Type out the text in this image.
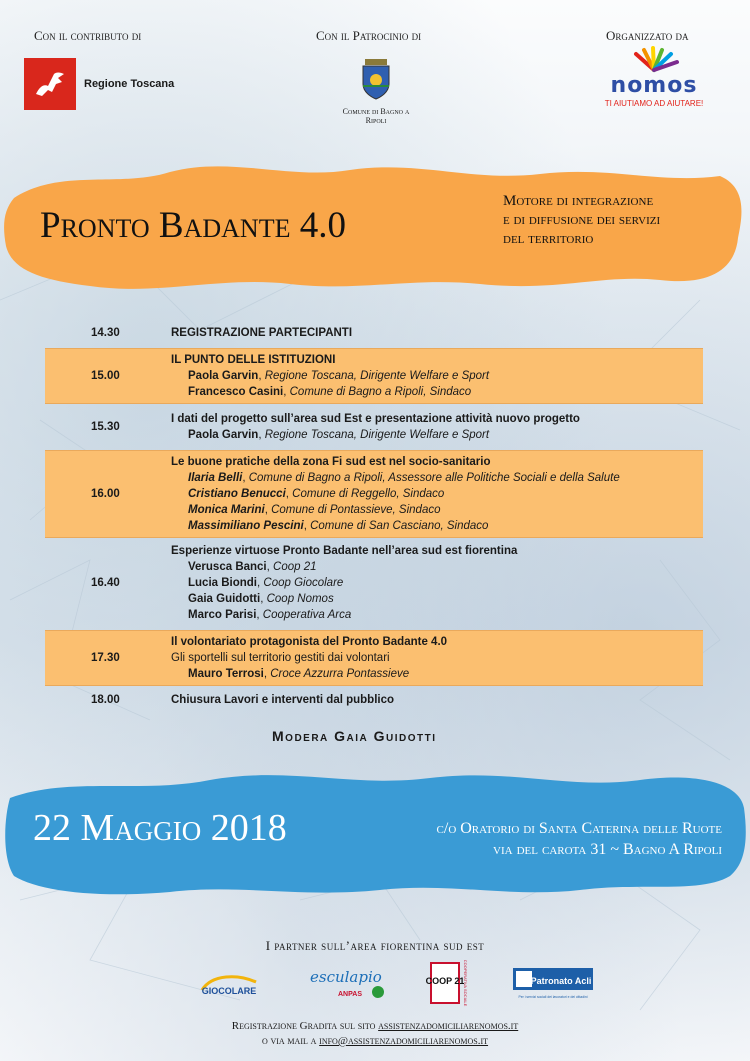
Con il contributo di	Con il Patrocinio di	Organizzato da
Regione Toscana
Comune di Bagno a Ripoli
nomos
TI AIUTIAMO AD AIUTARE!
Pronto Badante 4.0
Motore di integrazione
e di diffusione dei servizi
del territorio
14.30	REGISTRAZIONE PARTECIPANTI
15.00
IL PUNTO DELLE ISTITUZIONI
Paola Garvin, Regione Toscana, Dirigente Welfare e Sport
Francesco Casini, Comune di Bagno a Ripoli, Sindaco
15.30
I dati del progetto sull’area sud Est e presentazione attività nuovo progetto
Paola Garvin, Regione Toscana, Dirigente Welfare e Sport
16.00
Le buone pratiche della zona Fi sud est nel socio-sanitario
Ilaria Belli, Comune di Bagno a Ripoli, Assessore alle Politiche Sociali e della Salute
Cristiano Benucci, Comune di Reggello, Sindaco
Monica Marini, Comune di Pontassieve, Sindaco
Massimiliano Pescini, Comune di San Casciano, Sindaco
16.40
Esperienze virtuose Pronto Badante nell’area sud est fiorentina
Verusca Banci, Coop 21
Lucia Biondi, Coop Giocolare
Gaia Guidotti, Coop Nomos
Marco Parisi, Cooperativa Arca
17.30
Il volontariato protagonista del Pronto Badante 4.0
Gli sportelli sul territorio gestiti dai volontari
Mauro Terrosi, Croce Azzurra Pontassieve
18.00	Chiusura Lavori e interventi dal pubblico
Modera Gaia Guidotti
22 Maggio 2018	c/o Oratorio di Santa Caterina delle Ruote
via del carota 31 ~ Bagno A Ripoli
I partner sull’area fiorentina sud est
GIOCOLARE
esculapio
ANPAS
COOP 21
COOPERATIVA SOCIALE	Patronato Acli
Per i servizi sociali dei lavoratori e dei cittadini
Registrazione Gradita sul sito assistenzadomiciliarenomos.it
o via mail a info@assistenzadomiciliarenomos.it
